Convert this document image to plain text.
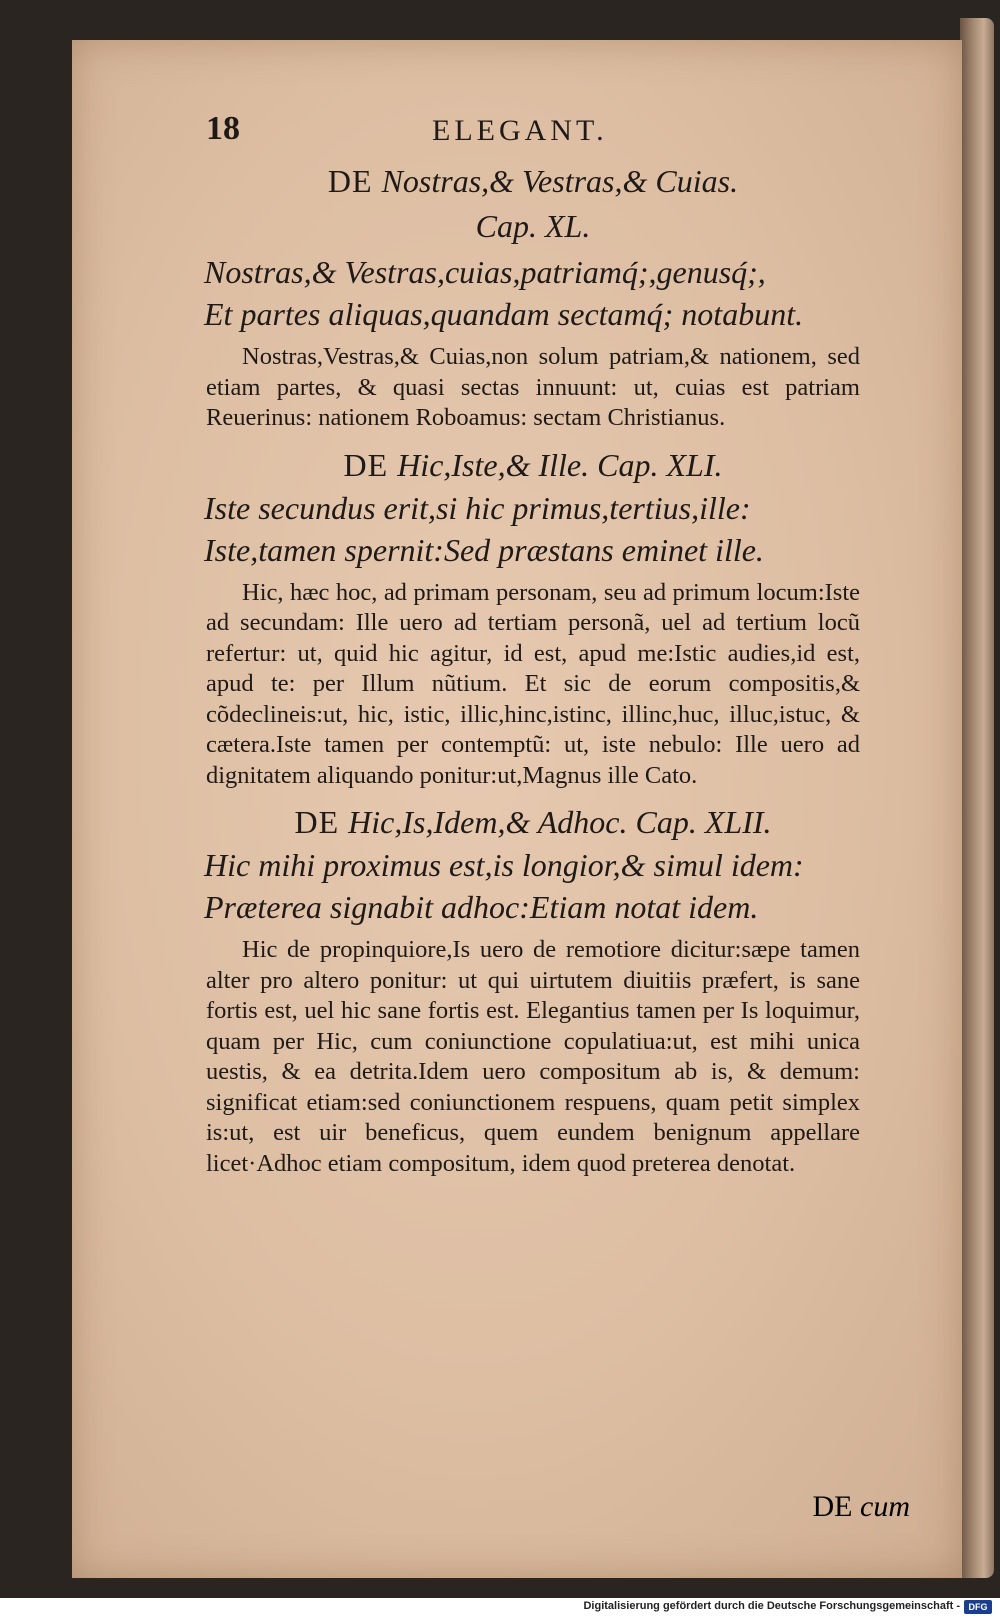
18	ELEGANT.
DE Nostras,& Vestras,& Cuias.
Cap. XL.
Nostras,& Vestras,cuias,patriamq́;,genusq́;,
Et partes aliquas,quandam sectamq́; notabunt.

Nostras,Vestras,& Cuias,non solum patriam,& nationem, sed etiam partes, & quasi sectas innuunt: ut, cuias est patriam Reuerinus: nationem Roboamus: sectam Christianus.

DE Hic,Iste,& Ille. Cap. XLI.
Iste secundus erit,si hic primus,tertius,ille:
Iste,tamen spernit:Sed præstans eminet ille.

Hic, hæc hoc, ad primam personam, seu ad primum locum:Iste ad secundam: Ille uero ad tertiam personã, uel ad tertium locũ refertur: ut, quid hic agitur, id est, apud me:Istic audies,id est, apud te: per Illum nũtium. Et sic de eorum compositis,& cõdeclineis:ut, hic, istic, illic,hinc,istinc, illinc,huc, illuc,istuc, & cætera.Iste tamen per contemptũ: ut, iste nebulo: Ille uero ad dignitatem aliquando ponitur:ut,Magnus ille Cato.

DE Hic,Is,Idem,& Adhoc. Cap. XLII.
Hic mihi proximus est,is longior,& simul idem:
Præterea signabit adhoc:Etiam notat idem.

Hic de propinquiore,Is uero de remotiore dicitur:sæpe tamen alter pro altero ponitur: ut qui uirtutem diuitiis præfert, is sane fortis est, uel hic sane fortis est. Elegantius tamen per Is loquimur, quam per Hic, cum coniunctione copulatiua:ut, est mihi unica uestis, & ea detrita.Idem uero compositum ab is, & demum: significat etiam:sed coniunctionem respuens, quam petit simplex is:ut, est uir beneficus, quem eundem benignum appellare licet·Adhoc etiam compositum, idem quod preterea denotat.

DE cum
Digitalisierung gefördert durch die Deutsche Forschungsgemeinschaft - DFG
